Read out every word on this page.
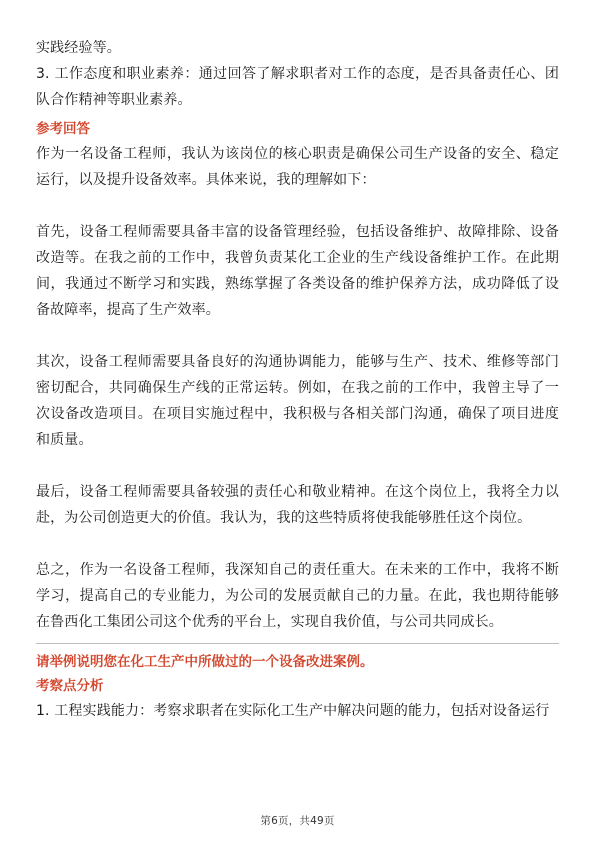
实践经验等。

3. 工作态度和职业素养：通过回答了解求职者对工作的态度，是否具备责任心、团队合作精神等职业素养。

参考回答

作为一名设备工程师，我认为该岗位的核心职责是确保公司生产设备的安全、稳定运行，以及提升设备效率。具体来说，我的理解如下：

首先，设备工程师需要具备丰富的设备管理经验，包括设备维护、故障排除、设备改造等。在我之前的工作中，我曾负责某化工企业的生产线设备维护工作。在此期间，我通过不断学习和实践，熟练掌握了各类设备的维护保养方法，成功降低了设备故障率，提高了生产效率。

其次，设备工程师需要具备良好的沟通协调能力，能够与生产、技术、维修等部门密切配合，共同确保生产线的正常运转。例如，在我之前的工作中，我曾主导了一次设备改造项目。在项目实施过程中，我积极与各相关部门沟通，确保了项目进度和质量。

最后，设备工程师需要具备较强的责任心和敬业精神。在这个岗位上，我将全力以赴，为公司创造更大的价值。我认为，我的这些特质将使我能够胜任这个岗位。

总之，作为一名设备工程师，我深知自己的责任重大。在未来的工作中，我将不断学习，提高自己的专业能力，为公司的发展贡献自己的力量。在此，我也期待能够在鲁西化工集团公司这个优秀的平台上，实现自我价值，与公司共同成长。

请举例说明您在化工生产中所做过的一个设备改进案例。
考察点分析

1. 工程实践能力：考察求职者在实际化工生产中解决问题的能力，包括对设备运行

第6页，共49页
